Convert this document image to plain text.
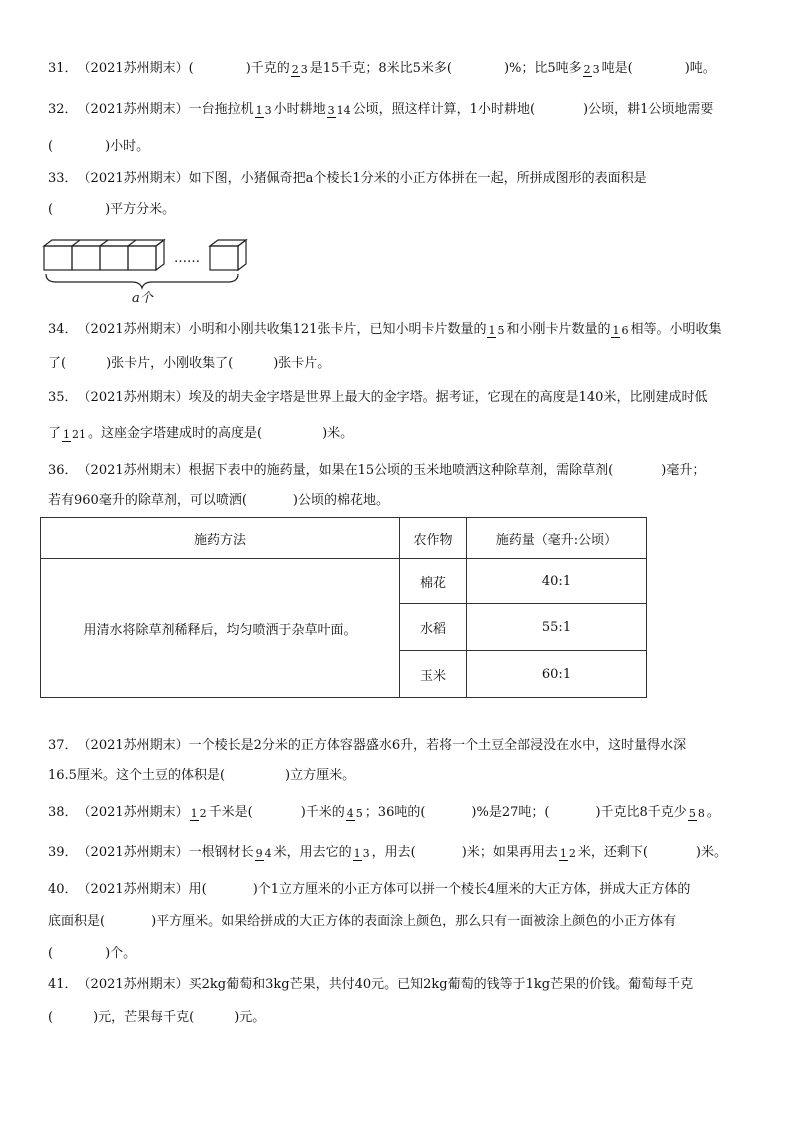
31．（2021苏州期末）(	)千克的 2 3 是15千克；8米比5米多(	)%；比5吨多 2 3 吨是(	)吨。
32．（2021苏州期末）一台拖拉机 1 3 小时耕地 3 14 公顷，照这样计算，1小时耕地(	)公顷，耕1公顷地需要
(	)小时。
33．（2021苏州期末）如下图，小猪佩奇把a个棱长1分米的小正方体拼在一起，所拼成图形的表面积是
(	)平方分米。
……
a个
34．（2021苏州期末）小明和小刚共收集121张卡片，已知小明卡片数量的 1 5 和小刚卡片数量的 1 6 相等。小明收集
了(	)张卡片，小刚收集了(	)张卡片。
35．（2021苏州期末）埃及的胡夫金字塔是世界上最大的金字塔。据考证，它现在的高度是140米，比刚建成时低
了 1 21 。这座金字塔建成时的高度是(	)米。
36．（2021苏州期末）根据下表中的施药量，如果在15公顷的玉米地喷洒这种除草剂，需除草剂(	)毫升；
若有960毫升的除草剂，可以喷洒(	)公顷的棉花地。
施药方法	农作物	施药量（毫升:公顷）
用清水将除草剂稀释后，均匀喷洒于杂草叶面。	棉花	40:1
	水稻	55:1
	玉米	60:1
37．（2021苏州期末）一个棱长是2分米的正方体容器盛水6升，若将一个土豆全部浸没在水中，这时量得水深
16.5厘米。这个土豆的体积是(	)立方厘米。
38．（2021苏州期末） 1 2 千米是(	)千米的 4 5 ；36吨的(	)%是27吨；(	)千克比8千克少 5 8 。
39．（2021苏州期末）一根钢材长 9 4 米，用去它的 1 3 ，用去(	)米；如果再用去 1 2 米，还剩下(	)米。
40．（2021苏州期末）用(	)个1立方厘米的小正方体可以拼一个棱长4厘米的大正方体，拼成大正方体的
底面积是(	)平方厘米。如果给拼成的大正方体的表面涂上颜色，那么只有一面被涂上颜色的小正方体有
(	)个。
41．（2021苏州期末）买2kg葡萄和3kg芒果，共付40元。已知2kg葡萄的钱等于1kg芒果的价钱。葡萄每千克
(	)元，芒果每千克(	)元。
